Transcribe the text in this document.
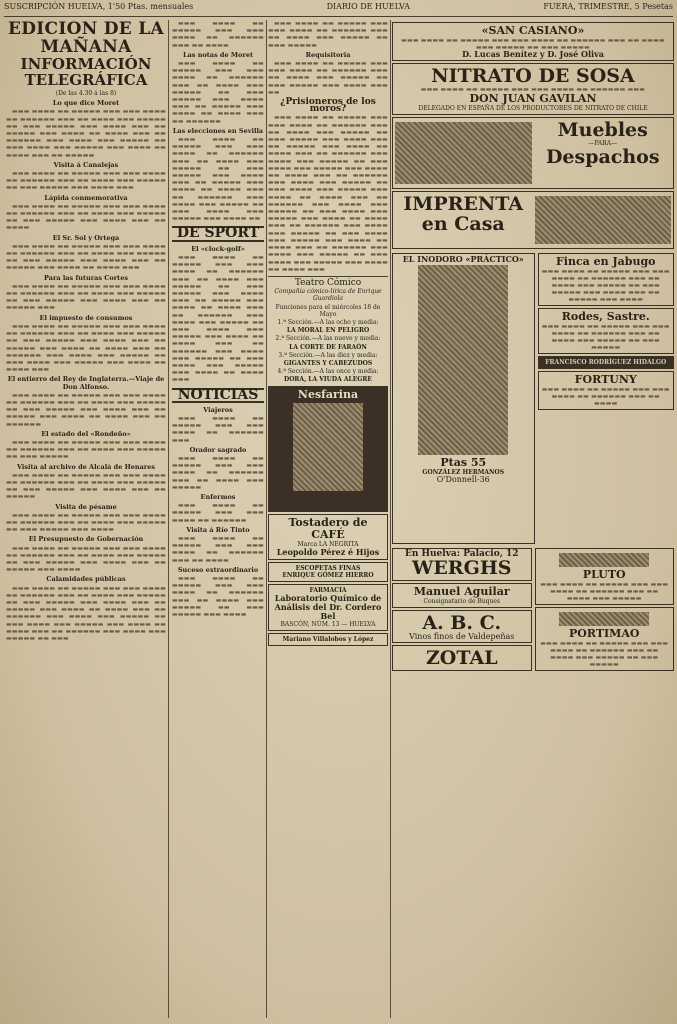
SUSCRIPCIÓN HUELVA, 1'50 Ptas. mensuales	DIARIO DE HUELVA	FUERA, TRIMESTRE, 5 Pesetas
EDICIÓN DE LA MAÑANA
INFORMACIÓN TELEGRÁFICA
(De las 4.30 á las 8)
Lo que dice Moret
▬▬▬ ▬▬▬▬ ▬▬ ▬▬▬▬▬ ▬▬▬ ▬▬▬ ▬▬▬▬ ▬▬ ▬▬▬▬▬▬ ▬▬▬ ▬▬ ▬▬▬▬ ▬▬▬ ▬▬▬▬▬ ▬▬ ▬▬▬ ▬▬▬▬▬ ▬▬▬ ▬▬▬▬ ▬▬▬ ▬▬ ▬▬▬▬▬ ▬▬▬ ▬▬▬▬ ▬▬ ▬▬▬▬ ▬▬▬ ▬▬ ▬▬▬▬▬▬ ▬▬▬ ▬▬▬▬ ▬▬▬ ▬▬▬▬▬ ▬▬ ▬▬▬ ▬▬▬▬ ▬▬▬ ▬▬▬▬▬ ▬▬▬ ▬▬▬▬ ▬▬ ▬▬▬▬ ▬▬▬ ▬▬ ▬▬▬▬▬
Visita á Canalejas
▬▬▬ ▬▬▬▬ ▬▬ ▬▬▬▬▬ ▬▬▬ ▬▬▬ ▬▬▬▬ ▬▬ ▬▬▬▬▬▬ ▬▬▬ ▬▬ ▬▬▬▬ ▬▬▬ ▬▬▬▬▬ ▬▬ ▬▬▬ ▬▬▬▬▬ ▬▬▬ ▬▬▬▬ ▬▬▬
Lápida conmemorativa
▬▬▬ ▬▬▬▬ ▬▬ ▬▬▬▬▬ ▬▬▬ ▬▬▬ ▬▬▬▬ ▬▬ ▬▬▬▬▬▬ ▬▬▬ ▬▬ ▬▬▬▬ ▬▬▬ ▬▬▬▬▬ ▬▬ ▬▬▬ ▬▬▬▬▬ ▬▬▬ ▬▬▬▬ ▬▬▬ ▬▬ ▬▬▬▬
El Sr. Sol y Ortega
▬▬▬ ▬▬▬▬ ▬▬ ▬▬▬▬▬ ▬▬▬ ▬▬▬ ▬▬▬▬ ▬▬ ▬▬▬▬▬▬ ▬▬▬ ▬▬ ▬▬▬▬ ▬▬▬ ▬▬▬▬▬ ▬▬ ▬▬▬ ▬▬▬▬▬ ▬▬▬ ▬▬▬▬ ▬▬▬ ▬▬ ▬▬▬▬▬ ▬▬▬ ▬▬▬▬ ▬▬ ▬▬▬▬ ▬▬▬
Para las futuras Cortes
▬▬▬ ▬▬▬▬ ▬▬ ▬▬▬▬▬ ▬▬▬ ▬▬▬ ▬▬▬▬ ▬▬ ▬▬▬▬▬▬ ▬▬▬ ▬▬ ▬▬▬▬ ▬▬▬ ▬▬▬▬▬ ▬▬ ▬▬▬ ▬▬▬▬▬ ▬▬▬ ▬▬▬▬ ▬▬▬ ▬▬ ▬▬▬▬▬ ▬▬▬
El impuesto de consumos
▬▬▬ ▬▬▬▬ ▬▬ ▬▬▬▬▬ ▬▬▬ ▬▬▬ ▬▬▬▬ ▬▬ ▬▬▬▬▬▬ ▬▬▬ ▬▬ ▬▬▬▬ ▬▬▬ ▬▬▬▬▬ ▬▬ ▬▬▬ ▬▬▬▬▬ ▬▬▬ ▬▬▬▬ ▬▬▬ ▬▬ ▬▬▬▬▬ ▬▬▬ ▬▬▬▬ ▬▬ ▬▬▬▬ ▬▬▬ ▬▬ ▬▬▬▬▬▬ ▬▬▬ ▬▬▬▬ ▬▬▬ ▬▬▬▬▬ ▬▬ ▬▬▬ ▬▬▬▬ ▬▬▬ ▬▬▬▬▬ ▬▬▬ ▬▬▬▬ ▬▬ ▬▬▬▬ ▬▬▬
El entierro del Rey de Inglaterra.—Viaje de Don Alfonso.
▬▬▬ ▬▬▬▬ ▬▬ ▬▬▬▬▬ ▬▬▬ ▬▬▬ ▬▬▬▬ ▬▬ ▬▬▬▬▬▬ ▬▬▬ ▬▬ ▬▬▬▬ ▬▬▬ ▬▬▬▬▬ ▬▬ ▬▬▬ ▬▬▬▬▬ ▬▬▬ ▬▬▬▬ ▬▬▬ ▬▬ ▬▬▬▬▬ ▬▬▬ ▬▬▬▬ ▬▬ ▬▬▬▬ ▬▬▬ ▬▬ ▬▬▬▬▬▬
El estado del «Rondeño»
▬▬▬ ▬▬▬▬ ▬▬ ▬▬▬▬▬ ▬▬▬ ▬▬▬ ▬▬▬▬ ▬▬ ▬▬▬▬▬▬ ▬▬▬ ▬▬ ▬▬▬▬ ▬▬▬ ▬▬▬▬▬ ▬▬ ▬▬▬ ▬▬▬▬▬
Visita al archivo de Alcalá de Henares
▬▬▬ ▬▬▬▬ ▬▬ ▬▬▬▬▬ ▬▬▬ ▬▬▬ ▬▬▬▬ ▬▬ ▬▬▬▬▬▬ ▬▬▬ ▬▬ ▬▬▬▬ ▬▬▬ ▬▬▬▬▬ ▬▬ ▬▬▬ ▬▬▬▬▬ ▬▬▬ ▬▬▬▬ ▬▬▬ ▬▬ ▬▬▬▬▬
Visita de pésame
▬▬▬ ▬▬▬▬ ▬▬ ▬▬▬▬▬ ▬▬▬ ▬▬▬ ▬▬▬▬ ▬▬ ▬▬▬▬▬▬ ▬▬▬ ▬▬ ▬▬▬▬ ▬▬▬ ▬▬▬▬▬ ▬▬ ▬▬▬ ▬▬▬▬▬ ▬▬▬ ▬▬▬▬
El Presupuesto de Gobernación
▬▬▬ ▬▬▬▬ ▬▬ ▬▬▬▬▬ ▬▬▬ ▬▬▬ ▬▬▬▬ ▬▬ ▬▬▬▬▬▬ ▬▬▬ ▬▬ ▬▬▬▬ ▬▬▬ ▬▬▬▬▬ ▬▬ ▬▬▬ ▬▬▬▬▬ ▬▬▬ ▬▬▬▬ ▬▬▬ ▬▬ ▬▬▬▬▬ ▬▬▬ ▬▬▬▬
Calamidades públicas
▬▬▬ ▬▬▬▬ ▬▬ ▬▬▬▬▬ ▬▬▬ ▬▬▬ ▬▬▬▬ ▬▬ ▬▬▬▬▬▬ ▬▬▬ ▬▬ ▬▬▬▬ ▬▬▬ ▬▬▬▬▬ ▬▬ ▬▬▬ ▬▬▬▬▬ ▬▬▬ ▬▬▬▬ ▬▬▬ ▬▬ ▬▬▬▬▬ ▬▬▬ ▬▬▬▬ ▬▬ ▬▬▬▬ ▬▬▬ ▬▬ ▬▬▬▬▬▬ ▬▬▬ ▬▬▬▬ ▬▬▬ ▬▬▬▬▬ ▬▬ ▬▬▬ ▬▬▬▬ ▬▬▬ ▬▬▬▬▬ ▬▬▬ ▬▬▬▬ ▬▬ ▬▬▬▬ ▬▬▬ ▬▬ ▬▬▬▬▬▬ ▬▬▬ ▬▬▬▬ ▬▬▬ ▬▬▬▬▬ ▬▬ ▬▬▬
▬▬▬ ▬▬▬▬ ▬▬ ▬▬▬▬▬ ▬▬▬ ▬▬▬ ▬▬▬▬ ▬▬ ▬▬▬▬▬▬ ▬▬▬ ▬▬ ▬▬▬▬
Las notas de Moret
▬▬▬ ▬▬▬▬ ▬▬ ▬▬▬▬▬ ▬▬▬ ▬▬▬ ▬▬▬▬ ▬▬ ▬▬▬▬▬▬ ▬▬▬ ▬▬ ▬▬▬▬ ▬▬▬ ▬▬▬▬▬ ▬▬ ▬▬▬ ▬▬▬▬▬ ▬▬▬ ▬▬▬▬ ▬▬▬ ▬▬ ▬▬▬▬▬ ▬▬▬ ▬▬▬▬ ▬▬ ▬▬▬▬ ▬▬▬ ▬▬ ▬▬▬▬▬▬
Las elecciones en Sevilla
▬▬▬ ▬▬▬▬ ▬▬ ▬▬▬▬▬ ▬▬▬ ▬▬▬ ▬▬▬▬ ▬▬ ▬▬▬▬▬▬ ▬▬▬ ▬▬ ▬▬▬▬ ▬▬▬ ▬▬▬▬▬ ▬▬ ▬▬▬ ▬▬▬▬▬ ▬▬▬ ▬▬▬▬ ▬▬▬ ▬▬ ▬▬▬▬▬ ▬▬▬ ▬▬▬▬ ▬▬ ▬▬▬▬ ▬▬▬ ▬▬ ▬▬▬▬▬▬ ▬▬▬ ▬▬▬▬ ▬▬▬ ▬▬▬▬▬ ▬▬ ▬▬▬ ▬▬▬▬ ▬▬▬ ▬▬▬▬▬ ▬▬▬ ▬▬▬▬ ▬▬
DE SPORT
El «clock-golf»
▬▬▬ ▬▬▬▬ ▬▬ ▬▬▬▬▬ ▬▬▬ ▬▬▬ ▬▬▬▬ ▬▬ ▬▬▬▬▬▬ ▬▬▬ ▬▬ ▬▬▬▬ ▬▬▬ ▬▬▬▬▬ ▬▬ ▬▬▬ ▬▬▬▬▬ ▬▬▬ ▬▬▬▬ ▬▬▬ ▬▬ ▬▬▬▬▬ ▬▬▬ ▬▬▬▬ ▬▬ ▬▬▬▬ ▬▬▬ ▬▬ ▬▬▬▬▬▬ ▬▬▬ ▬▬▬▬ ▬▬▬ ▬▬▬▬▬ ▬▬ ▬▬▬ ▬▬▬▬ ▬▬▬ ▬▬▬▬▬ ▬▬▬ ▬▬▬▬ ▬▬ ▬▬▬▬ ▬▬▬ ▬▬ ▬▬▬▬▬▬ ▬▬▬ ▬▬▬▬ ▬▬▬ ▬▬▬▬▬ ▬▬ ▬▬▬ ▬▬▬▬ ▬▬▬ ▬▬▬▬▬ ▬▬▬ ▬▬▬▬ ▬▬ ▬▬▬▬ ▬▬▬
NOTICIAS
Viajeros
▬▬▬ ▬▬▬▬ ▬▬ ▬▬▬▬▬ ▬▬▬ ▬▬▬ ▬▬▬▬ ▬▬ ▬▬▬▬▬▬ ▬▬▬
Orador sagrado
▬▬▬ ▬▬▬▬ ▬▬ ▬▬▬▬▬ ▬▬▬ ▬▬▬ ▬▬▬▬ ▬▬ ▬▬▬▬▬▬ ▬▬▬ ▬▬ ▬▬▬▬ ▬▬▬ ▬▬▬▬▬
Enfermos
▬▬▬ ▬▬▬▬ ▬▬ ▬▬▬▬▬ ▬▬▬ ▬▬▬ ▬▬▬▬ ▬▬ ▬▬▬▬▬▬
Visita á Río Tinto
▬▬▬ ▬▬▬▬ ▬▬ ▬▬▬▬▬ ▬▬▬ ▬▬▬ ▬▬▬▬ ▬▬ ▬▬▬▬▬▬ ▬▬▬ ▬▬ ▬▬▬▬
Suceso extraordinario
▬▬▬ ▬▬▬▬ ▬▬ ▬▬▬▬▬ ▬▬▬ ▬▬▬ ▬▬▬▬ ▬▬ ▬▬▬▬▬▬ ▬▬▬ ▬▬ ▬▬▬▬ ▬▬▬ ▬▬▬▬▬ ▬▬ ▬▬▬ ▬▬▬▬▬ ▬▬▬ ▬▬▬▬
▬▬▬ ▬▬▬▬ ▬▬ ▬▬▬▬▬ ▬▬▬ ▬▬▬ ▬▬▬▬ ▬▬ ▬▬▬▬▬▬ ▬▬▬ ▬▬ ▬▬▬▬ ▬▬▬ ▬▬▬▬▬ ▬▬ ▬▬▬ ▬▬▬▬▬
Requisitoria
▬▬▬ ▬▬▬▬ ▬▬ ▬▬▬▬▬ ▬▬▬ ▬▬▬ ▬▬▬▬ ▬▬ ▬▬▬▬▬▬ ▬▬▬ ▬▬ ▬▬▬▬ ▬▬▬ ▬▬▬▬▬ ▬▬ ▬▬▬ ▬▬▬▬▬ ▬▬▬ ▬▬▬▬ ▬▬▬ ▬▬
¿Prisioneros de los moros?
▬▬▬ ▬▬▬▬ ▬▬ ▬▬▬▬▬ ▬▬▬ ▬▬▬ ▬▬▬▬ ▬▬ ▬▬▬▬▬▬ ▬▬▬ ▬▬ ▬▬▬▬ ▬▬▬ ▬▬▬▬▬ ▬▬ ▬▬▬ ▬▬▬▬▬ ▬▬▬ ▬▬▬▬ ▬▬▬ ▬▬ ▬▬▬▬▬ ▬▬▬ ▬▬▬▬ ▬▬ ▬▬▬▬ ▬▬▬ ▬▬ ▬▬▬▬▬▬ ▬▬▬ ▬▬▬▬ ▬▬▬ ▬▬▬▬▬ ▬▬ ▬▬▬ ▬▬▬▬ ▬▬▬ ▬▬▬▬▬ ▬▬▬ ▬▬▬▬ ▬▬ ▬▬▬▬ ▬▬▬ ▬▬ ▬▬▬▬▬▬ ▬▬▬ ▬▬▬▬ ▬▬▬ ▬▬▬▬▬ ▬▬ ▬▬▬ ▬▬▬▬ ▬▬▬ ▬▬▬▬▬ ▬▬▬ ▬▬▬▬ ▬▬ ▬▬▬▬ ▬▬▬ ▬▬ ▬▬▬▬▬▬ ▬▬▬ ▬▬▬▬ ▬▬▬ ▬▬▬▬▬ ▬▬ ▬▬▬ ▬▬▬▬ ▬▬▬ ▬▬▬▬▬ ▬▬▬ ▬▬▬▬ ▬▬ ▬▬▬▬ ▬▬▬ ▬▬ ▬▬▬▬▬▬ ▬▬▬ ▬▬▬▬ ▬▬▬ ▬▬▬▬▬ ▬▬ ▬▬▬ ▬▬▬▬ ▬▬▬ ▬▬▬▬▬ ▬▬▬ ▬▬▬▬ ▬▬ ▬▬▬▬ ▬▬▬ ▬▬ ▬▬▬▬▬▬ ▬▬▬ ▬▬▬▬ ▬▬▬ ▬▬▬▬▬ ▬▬ ▬▬▬ ▬▬▬▬ ▬▬▬ ▬▬▬▬▬ ▬▬▬ ▬▬▬▬ ▬▬ ▬▬▬▬ ▬▬▬
Teatro Cómico
Compañía cómico-lírica de Enrique Guardiola
Funciones para el miércoles 18 de Mayo
1.ª Sección.—A las ocho y media:
LA MORAL EN PELIGRO
2.ª Sección.—A las nueve y media:
LA CORTE DE FARAÓN
3.ª Sección.—A las diez y media:
GIGANTES Y CABEZUDOS
4.ª Sección.—A las once y media:
DORA, LA VIUDA ALEGRE
Nesfarina
Tostadero de CAFÉ
Marca LA NEGRITA
Leopoldo Pérez é Hijos
ESCOPETAS FINAS
ENRIQUE GÓMEZ HIERRO
FARMACIA
Laboratorio Químico de Análisis del Dr. Cordero Bel
BASCÓN, NÚM. 13 — HUELVA
Mariano Villalobos y López
«SAN CASIANO»
▬▬▬ ▬▬▬▬ ▬▬ ▬▬▬▬▬ ▬▬▬ ▬▬▬ ▬▬▬▬ ▬▬ ▬▬▬▬▬▬ ▬▬▬ ▬▬ ▬▬▬▬ ▬▬▬ ▬▬▬▬▬ ▬▬ ▬▬▬ ▬▬▬▬▬
D. Lucas Benítez y D. José Oliva
NITRATO DE SOSA
▬▬▬ ▬▬▬▬ ▬▬ ▬▬▬▬▬ ▬▬▬ ▬▬▬ ▬▬▬▬ ▬▬ ▬▬▬▬▬▬ ▬▬▬
DON JUAN GAVILAN
DELEGADO EN ESPAÑA DE LOS PRODUCTORES DE NITRATO DE CHILE
Muebles
—PARA—
Despachos
IMPRENTA
en Casa
EL INODORO «PRÁCTICO»
Ptas 55
GONZÁLEZ HERMANOS
O'Donnell-36
Finca en Jabugo
▬▬▬ ▬▬▬▬ ▬▬ ▬▬▬▬▬ ▬▬▬ ▬▬▬ ▬▬▬▬ ▬▬ ▬▬▬▬▬▬ ▬▬▬ ▬▬ ▬▬▬▬ ▬▬▬ ▬▬▬▬▬ ▬▬ ▬▬▬ ▬▬▬▬▬ ▬▬▬ ▬▬▬▬ ▬▬▬ ▬▬ ▬▬▬▬▬ ▬▬▬ ▬▬▬▬
Rodes, Sastre.
▬▬▬ ▬▬▬▬ ▬▬ ▬▬▬▬▬ ▬▬▬ ▬▬▬ ▬▬▬▬ ▬▬ ▬▬▬▬▬▬ ▬▬▬ ▬▬ ▬▬▬▬ ▬▬▬ ▬▬▬▬▬ ▬▬ ▬▬▬ ▬▬▬▬▬
FRANCISCO RODRÍGUEZ HIDALGO
FORTUNY
▬▬▬ ▬▬▬▬ ▬▬ ▬▬▬▬▬ ▬▬▬ ▬▬▬ ▬▬▬▬ ▬▬ ▬▬▬▬▬▬ ▬▬▬ ▬▬ ▬▬▬▬
En Huelva: Palacio, 12
WERGHS
Manuel Aguilar
Consignatario de Buques
A. B. C.
Vinos finos de Valdepeñas
ZOTAL
PLUTO
▬▬▬ ▬▬▬▬ ▬▬ ▬▬▬▬▬ ▬▬▬ ▬▬▬ ▬▬▬▬ ▬▬ ▬▬▬▬▬▬ ▬▬▬ ▬▬ ▬▬▬▬ ▬▬▬ ▬▬▬▬▬
PORTIMAO
▬▬▬ ▬▬▬▬ ▬▬ ▬▬▬▬▬ ▬▬▬ ▬▬▬ ▬▬▬▬ ▬▬ ▬▬▬▬▬▬ ▬▬▬ ▬▬ ▬▬▬▬ ▬▬▬ ▬▬▬▬▬ ▬▬ ▬▬▬ ▬▬▬▬▬
